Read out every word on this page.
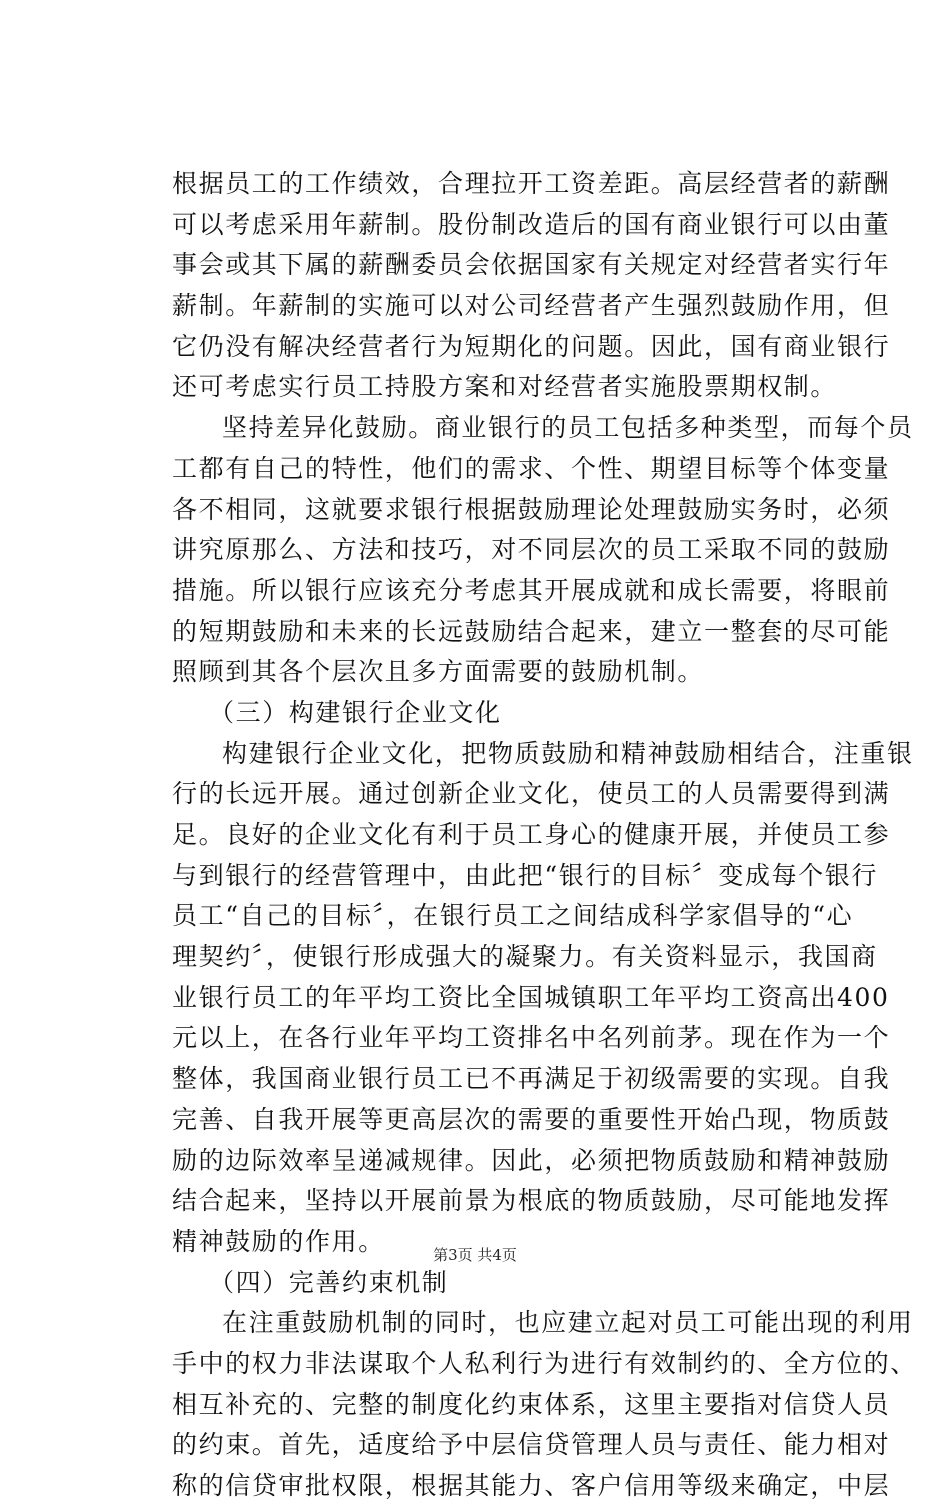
根据员工的工作绩效，合理拉开工资差距。高层经营者的薪酬
可以考虑采用年薪制。股份制改造后的国有商业银行可以由董
事会或其下属的薪酬委员会依据国家有关规定对经营者实行年
薪制。年薪制的实施可以对公司经营者产生强烈鼓励作用，但
它仍没有解决经营者行为短期化的问题。因此，国有商业银行
还可考虑实行员工持股方案和对经营者实施股票期权制。
坚持差异化鼓励。商业银行的员工包括多种类型，而每个员
工都有自己的特性，他们的需求、个性、期望目标等个体变量
各不相同，这就要求银行根据鼓励理论处理鼓励实务时，必须
讲究原那么、方法和技巧，对不同层次的员工采取不同的鼓励
措施。所以银行应该充分考虑其开展成就和成长需要，将眼前
的短期鼓励和未来的长远鼓励结合起来，建立一整套的尽可能
照顾到其各个层次且多方面需要的鼓励机制。
（三）构建银行企业文化
构建银行企业文化，把物质鼓励和精神鼓励相结合，注重银
行的长远开展。通过创新企业文化，使员工的人员需要得到满
足。良好的企业文化有利于员工身心的健康开展，并使员工参
与到银行的经营管理中，由此把“银行的目标〞变成每个银行
员工“自己的目标〞，在银行员工之间结成科学家倡导的“心
理契约〞，使银行形成强大的凝聚力。有关资料显示，我国商
业银行员工的年平均工资比全国城镇职工年平均工资高出400
元以上，在各行业年平均工资排名中名列前茅。现在作为一个
整体，我国商业银行员工已不再满足于初级需要的实现。自我
完善、自我开展等更高层次的需要的重要性开始凸现，物质鼓
励的边际效率呈递减规律。因此，必须把物质鼓励和精神鼓励
结合起来，坚持以开展前景为根底的物质鼓励，尽可能地发挥
精神鼓励的作用。
（四）完善约束机制
在注重鼓励机制的同时，也应建立起对员工可能出现的利用
手中的权力非法谋取个人私利行为进行有效制约的、全方位的、
相互补充的、完整的制度化约束体系，这里主要指对信贷人员
的约束。首先，适度给予中层信贷管理人员与责任、能力相对
称的信贷审批权限，根据其能力、客户信用等级来确定，中层
第3页 共4页
